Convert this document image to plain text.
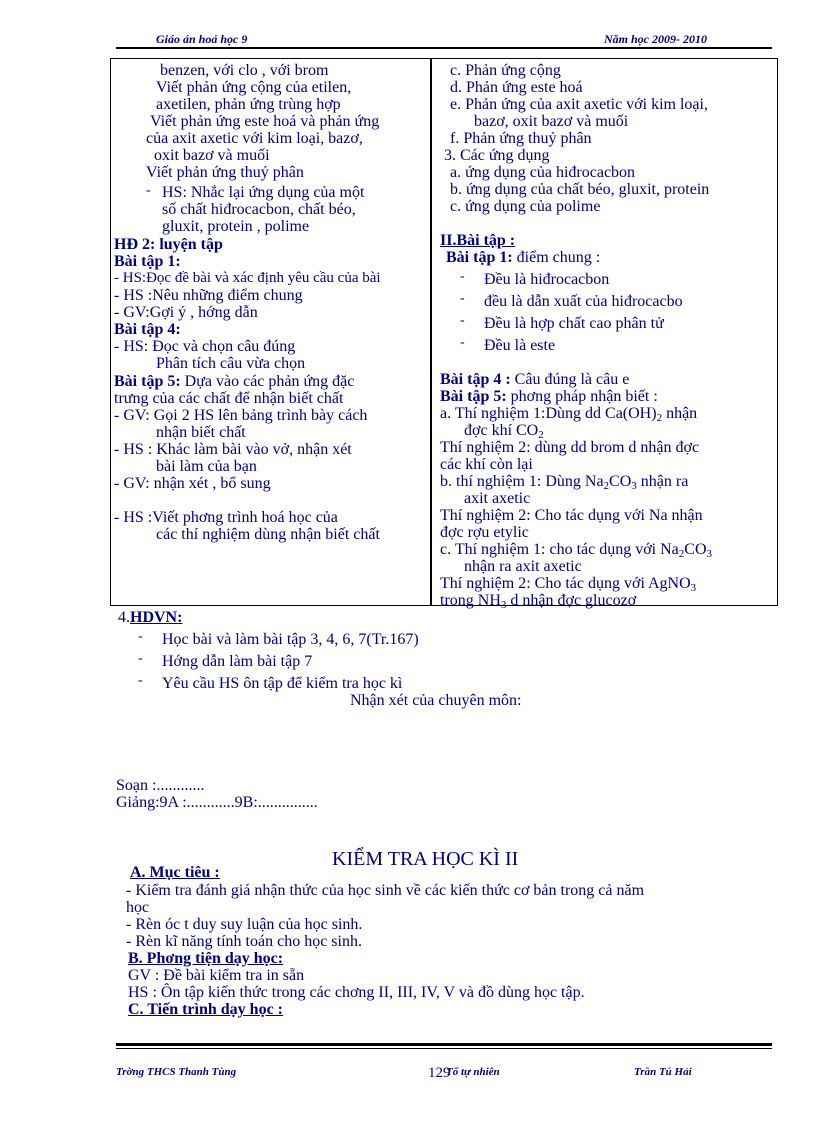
Giáo án hoá học 9	Năm học 2009- 2010
benzen, với clo , với brom
Viết phản ứng cộng của etilen,
axetilen, phản ứng trùng hợp
Viết phản ứng este hoá và phản ứng
của axit axetic với kim loại, bazơ,
oxit bazơ và muối
Viết phản ứng thuỷ phân
- HS: Nhắc lại ứng dụng của một
số chất hiđrocacbon, chất béo,
gluxit, protein , polime
HĐ 2: luyện tập
Bài tập 1:
- HS:Đọc đề bài và xác định yêu cầu của bài
- HS :Nêu những điểm chung
- GV:Gợi ý , hớng dẫn
Bài tập 4:
- HS: Đọc và chọn câu đúng
Phân tích câu vừa chọn
Bài tập 5: Dựa vào các phản ứng đặc
trưng của các chất để nhận biết chất
- GV: Gọi 2 HS lên bảng trình bày cách
nhận biết chất
- HS : Khác làm bài vào vở, nhận xét
bài làm của bạn
- GV: nhận xét , bổ sung
- HS :Viết phơng trình hoá học của
các thí nghiệm dùng nhận biết chất
c. Phản ứng cộng
d. Phản ứng este hoá
e. Phản ứng của axit axetic với kim loại,
bazơ, oxit bazơ và muối
f. Phản ứng thuỷ phân
3. Các ứng dụng
a. ứng dụng của hiđrocacbon
b. ứng dụng của chất béo, gluxit, protein
c. ứng dụng của polime
II.Bài tập :
Bài tập 1: điểm chung :
- Đều là hiđrocacbon
- đều là dẫn xuất của hiđrocacbo
- Đều là hợp chất cao phân tử
- Đều là este
Bài tập 4 : Câu đúng là câu e
Bài tập 5: phơng pháp nhận biết :
a. Thí nghiệm 1:Dùng dd $Ca(OH)_2$ nhận
đợc khí $CO_2$
Thí nghiệm 2: dùng dd brom d nhận đợc
các khí còn lại
b. thí nghiệm 1: Dùng $Na_2CO_3$ nhận ra
axit axetic
Thí nghiệm 2: Cho tác dụng với Na nhận
đợc rợu etylic
c. Thí nghiệm 1: cho tác dụng với $Na_2CO_3$
nhận ra axit axetic
Thí nghiệm 2: Cho tác dụng với AgNO$_3$
trong $NH_3$ d nhận đợc glucozơ
4.HDVN:
- Học bài và làm bài tập 3, 4, 6, 7(Tr.167)
- Hớng dẫn làm bài tập 7
- Yêu cầu HS ôn tập để kiểm tra học kì
Nhận xét của chuyên môn:
Soạn :............
Giảng:9A :............9B:...............
KIỂM TRA HỌC KÌ II
A. Mục tiêu :
- Kiểm tra đánh giá nhận thức của học sinh về các kiến thức cơ bản trong cả năm
học
- Rèn óc t duy suy luận của học sinh.
- Rèn kĩ năng tính toán cho học sinh.
B. Phơng tiện dạy học:
GV : Đề bài kiểm tra in sẵn
HS : Ôn tập kiến thức trong các chơng II, III, IV, V và đồ dùng học tập.
C. Tiến trình dạy học :
Trờng THCS Thanh Tùng	129
Tổ tự nhiên	Trần Tú Hải
